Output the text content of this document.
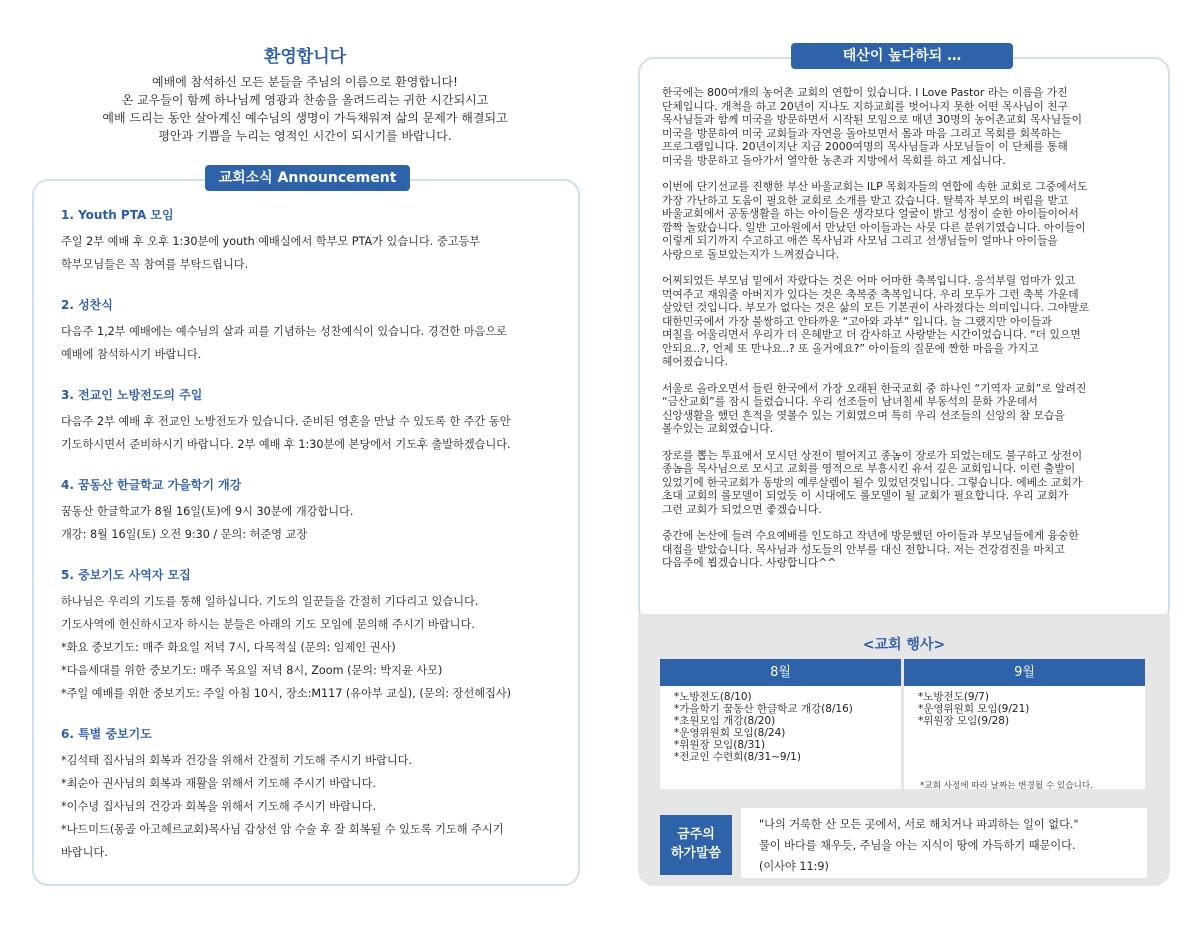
환영합니다

예배에 참석하신 모든 분들을 주님의 이름으로 환영합니다!

온 교우들이 함께 하나님께 영광과 찬송을 올려드리는 귀한 시간되시고

예배 드리는 동안 살아계신 예수님의 생명이 가득채워져 삶의 문제가 해결되고

평안과 기쁨을 누리는 영적인 시간이 되시기를 바랍니다.

교회소식 Announcement
1. Youth PTA 모임
주일 2부 예배 후 오후 1:30분에 youth 예배실에서 학부모 PTA가 있습니다. 중고등부
학부모님들은 꼭 참여를 부탁드립니다.
2. 성찬식
다음주 1,2부 예배에는 예수님의 살과 피를 기념하는 성찬예식이 있습니다. 경건한 마음으로
예배에 참석하시기 바랍니다.
3. 전교인 노방전도의 주일
다음주 2부 예배 후 전교인 노방전도가 있습니다. 준비된 영혼을 만날 수 있도록 한 주간 동안
기도하시면서 준비하시기 바랍니다. 2부 예배 후 1:30분에 본당에서 기도후 출발하겠습니다.
4. 꿈동산 한글학교 가을학기 개강
꿈동산 한글학교가 8월 16일(토)에 9시 30분에 개강합니다.
개강: 8월 16일(토) 오전 9:30 / 문의: 허준영 교장
5. 중보기도 사역자 모집
하나님은 우리의 기도를 통해 일하십니다. 기도의 일꾼들을 간절히 기다리고 있습니다.
기도사역에 헌신하시고자 하시는 분들은 아래의 기도 모임에 문의해 주시기 바랍니다.
*화요 중보기도: 매주 화요일 저녁 7시, 다목적실 (문의: 임제인 권사)
*다음세대를 위한 중보기도: 매주 목요일 저녁 8시, Zoom (문의: 박지윤 사모)
*주일 예배를 위한 중보기도: 주일 아침 10시, 장소:M117 (유아부 교실), (문의: 장선혜집사)
6. 특별 중보기도
*김석태 집사님의 회복과 건강을 위해서 간절히 기도해 주시기 바랍니다.
*최순아 권사님의 회복과 재활을 위해서 기도해 주시기 바랍니다.
*이수녕 집사님의 건강과 회복을 위해서 기도해 주시기 바랍니다.
*나드미드(몽골 아고헤르교회)목사님 갑상선 암 수술 후 잘 회복될 수 있도록 기도해 주시기
바랍니다.
태산이 높다하되 …

한국에는 800여개의 농어촌 교회의 연합이 있습니다. I Love Pastor 라는 이름을 가진
단체입니다. 개척을 하고 20년이 지나도 지하교회를 벗어나지 못한 어떤 목사님이 친구
목사님들과 함께 미국을 방문하면서 시작된 모임으로 매년 30명의 농어촌교회 목사님들이
미국을 방문하여 미국 교회들과 자연을 돌아보면서 몸과 마음 그리고 목회를 회복하는
프로그램입니다. 20년이지난 지금 2000여명의 목사님들과 사모님들이 이 단체를 통해
미국을 방문하고 돌아가서 열악한 농촌과 지방에서 목회를 하고 계십니다.

이번에 단기선교를 진행한 부산 바울교회는 ILP 목회자들의 연합에 속한 교회로 그중에서도
가장 가난하고 도움이 필요한 교회로 소개를 받고 갔습니다. 탈북자 부모의 버림을 받고
바울교회에서 공동생활을 하는 아이들은 생각보다 얼굴이 밝고 성정이 순한 아이들이어서
깜짝 놀랐습니다. 일반 고아원에서 만났던 아이들과는 사뭇 다른 분위기였습니다. 아이들이
이렇게 되기까지 수고하고 애쓴 목사님과 사모님 그리고 선생님들이 얼마나 아이들을
사랑으로 돌보았는지가 느껴졌습니다.

어찌되었든 부모님 밑에서 자랐다는 것은 어마 어마한 축복입니다. 응석부릴 엄마가 있고
먹여주고 재워줄 아버지가 있다는 것은 축복중 축복입니다. 우리 모두가 그런 축복 가운데
살았던 것입니다. 부모가 없다는 것은 삶의 모든 기본권이 사라졌다는 의미입니다. 그야말로
대한민국에서 가장 불쌍하고 안타까운 “고아와 과부” 입니다. 늘 그랬지만 아이들과
며칠을 어울리면서 우리가 더 은혜받고 더 감사하고 사랑받는 시간이었습니다. “더 있으면
안되요..?, 언제 또 만나요..? 또 올거에요?” 아이들의 질문에 짠한 마음을 가지고
헤어졌습니다.

서울로 올라오면서 들린 한국에서 가장 오래된 한국교회 중 하나인 “기역자 교회”로 알려진
“금산교회”를 잠시 들렸습니다. 우리 선조들이 남녀칠세 부동석의 문화 가운데서
신앙생활을 했던 흔적을 엿볼수 있는 기회였으며 특히 우리 선조들의 신앙의 참 모습을
볼수있는 교회였습니다.

장로를 뽑는 투표에서 모시던 상전이 떨어지고 종놈이 장로가 되었는데도 불구하고 상전이
종놈을 목사님으로 모시고 교회를 영적으로 부흥시킨 유서 깊은 교회입니다. 이런 출발이
있었기에 한국교회가 동방의 예루살렘이 될수 있었던것입니다. 그렇습니다. 에베소 교회가
초대 교회의 롤모델이 되었듯 이 시대에도 롤모델이 될 교회가 필요합니다. 우리 교회가
그런 교회가 되었으면 좋겠습니다.

중간에 논산에 들려 수요예배를 인도하고 작년에 방문했던 아이들과 부모님들에게 융숭한
대접을 받았습니다. 목사님과 성도들의 안부를 대신 전합니다. 저는 건강검진을 마치고
다음주에 뵙겠습니다. 사랑합니다^^

<교회 행사>
8월
*노방전도(8/10)
*가을학기 꿈동산 한글학교 개강(8/16)
*초원모임 개강(8/20)
*운영위원회 모임(8/24)
*위원장 모임(8/31)
*전교인 수련회(8/31~9/1)
9월
*노방전도(9/7)
*운영위원회 모임(9/21)
*위원장 모임(9/28)
*교회 사정에 따라 날짜는 변경될 수 있습니다.
금주의
하가말씀
"나의 거룩한 산 모든 곳에서, 서로 해치거나 파괴하는 일이 없다."
물이 바다를 채우듯, 주님을 아는 지식이 땅에 가득하기 때문이다.
(이사야 11:9)
